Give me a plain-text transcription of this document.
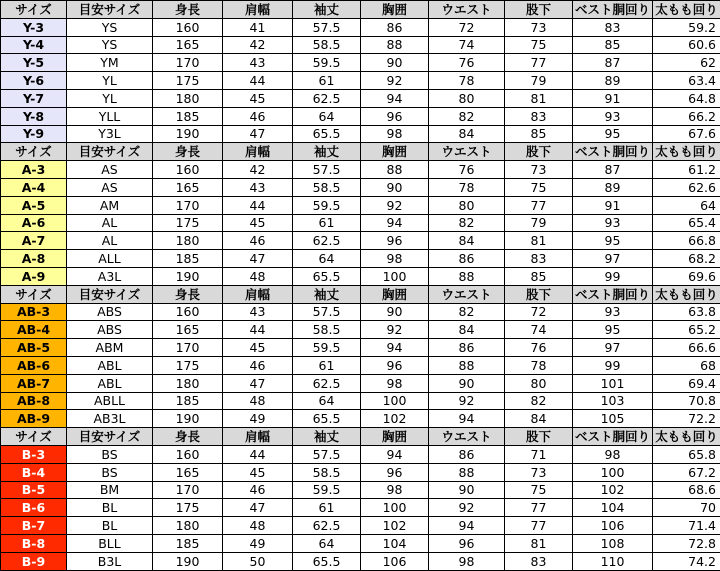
サイズ	目安サイズ	身長	肩幅	袖丈	胸囲	ウエスト	股下	ベスト胴回り	太もも回り
Y-3	YS	160	41	57.5	86	72	73	83	59.2
Y-4	YS	165	42	58.5	88	74	75	85	60.6
Y-5	YM	170	43	59.5	90	76	77	87	62
Y-6	YL	175	44	61	92	78	79	89	63.4
Y-7	YL	180	45	62.5	94	80	81	91	64.8
Y-8	YLL	185	46	64	96	82	83	93	66.2
Y-9	Y3L	190	47	65.5	98	84	85	95	67.6
サイズ	目安サイズ	身長	肩幅	袖丈	胸囲	ウエスト	股下	ベスト胴回り	太もも回り
A-3	AS	160	42	57.5	88	76	73	87	61.2
A-4	AS	165	43	58.5	90	78	75	89	62.6
A-5	AM	170	44	59.5	92	80	77	91	64
A-6	AL	175	45	61	94	82	79	93	65.4
A-7	AL	180	46	62.5	96	84	81	95	66.8
A-8	ALL	185	47	64	98	86	83	97	68.2
A-9	A3L	190	48	65.5	100	88	85	99	69.6
サイズ	目安サイズ	身長	肩幅	袖丈	胸囲	ウエスト	股下	ベスト胴回り	太もも回り
AB-3	ABS	160	43	57.5	90	82	72	93	63.8
AB-4	ABS	165	44	58.5	92	84	74	95	65.2
AB-5	ABM	170	45	59.5	94	86	76	97	66.6
AB-6	ABL	175	46	61	96	88	78	99	68
AB-7	ABL	180	47	62.5	98	90	80	101	69.4
AB-8	ABLL	185	48	64	100	92	82	103	70.8
AB-9	AB3L	190	49	65.5	102	94	84	105	72.2
サイズ	目安サイズ	身長	肩幅	袖丈	胸囲	ウエスト	股下	ベスト胴回り	太もも回り
B-3	BS	160	44	57.5	94	86	71	98	65.8
B-4	BS	165	45	58.5	96	88	73	100	67.2
B-5	BM	170	46	59.5	98	90	75	102	68.6
B-6	BL	175	47	61	100	92	77	104	70
B-7	BL	180	48	62.5	102	94	77	106	71.4
B-8	BLL	185	49	64	104	96	81	108	72.8
B-9	B3L	190	50	65.5	106	98	83	110	74.2
